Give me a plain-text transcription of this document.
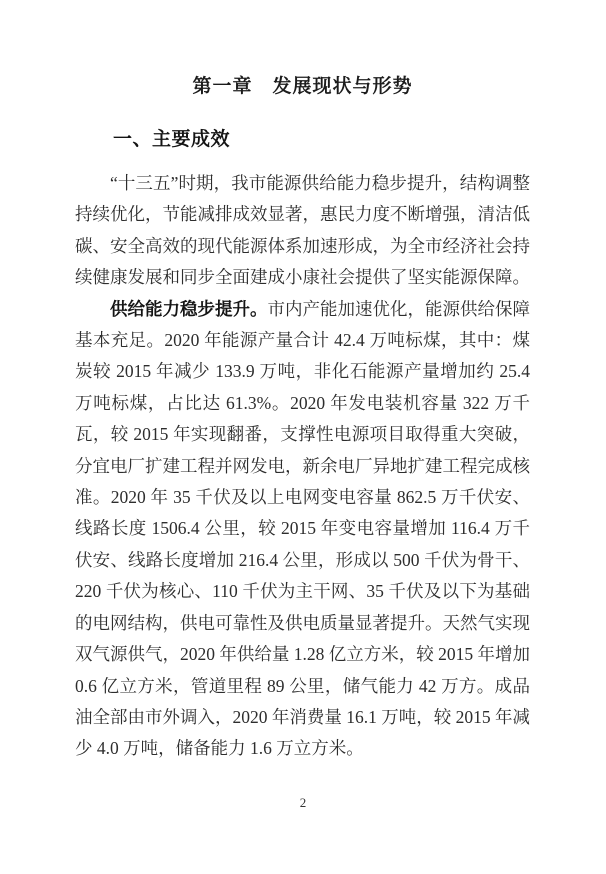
第一章　发展现状与形势
一、主要成效

“十三五”时期，我市能源供给能力稳步提升，结构调整持续优化，节能减排成效显著，惠民力度不断增强，清洁低碳、安全高效的现代能源体系加速形成，为全市经济社会持续健康发展和同步全面建成小康社会提供了坚实能源保障。

供给能力稳步提升。市内产能加速优化，能源供给保障基本充足。2020 年能源产量合计 42.4 万吨标煤，其中：煤炭较 2015 年减少 133.9 万吨，非化石能源产量增加约 25.4 万吨标煤，占比达 61.3%。2020 年发电装机容量 322 万千瓦，较 2015 年实现翻番，支撑性电源项目取得重大突破，分宜电厂扩建工程并网发电，新余电厂异地扩建工程完成核准。2020 年 35 千伏及以上电网变电容量 862.5 万千伏安、线路长度 1506.4 公里，较 2015 年变电容量增加 116.4 万千伏安、线路长度增加 216.4 公里，形成以 500 千伏为骨干、220 千伏为核心、110 千伏为主干网、35 千伏及以下为基础的电网结构，供电可靠性及供电质量显著提升。天然气实现双气源供气，2020 年供给量 1.28 亿立方米，较 2015 年增加 0.6 亿立方米，管道里程 89 公里，储气能力 42 万方。成品油全部由市外调入，2020 年消费量 16.1 万吨，较 2015 年减少 4.0 万吨，储备能力 1.6 万立方米。

2
